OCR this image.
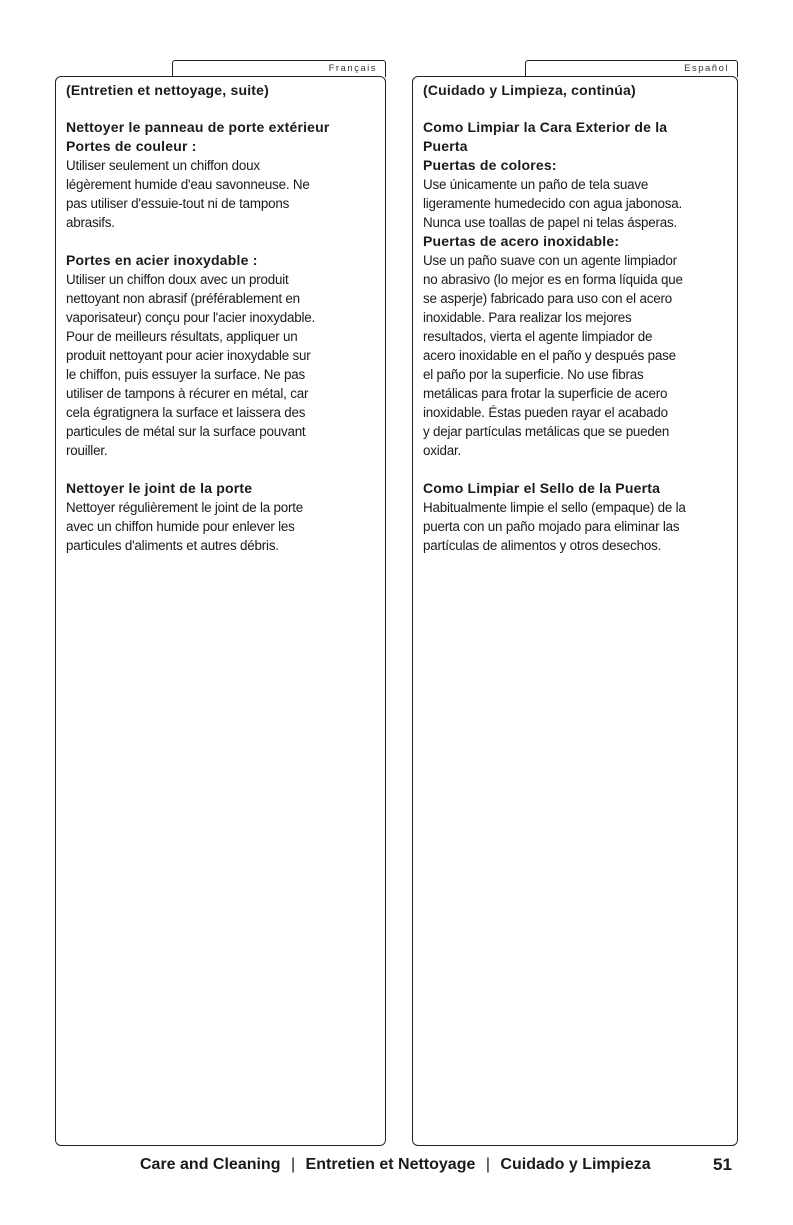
Français
(Entretien et nettoyage, suite)
Nettoyer le panneau de porte extérieur
Portes de couleur :
Utiliser seulement un chiffon doux
légèrement humide d'eau savonneuse. Ne
pas utiliser d'essuie-tout ni de tampons
abrasifs.
Portes en acier inoxydable :
Utiliser un chiffon doux avec un produit
nettoyant non abrasif (préférablement en
vaporisateur) conçu pour l'acier inoxydable.
Pour de meilleurs résultats, appliquer un
produit nettoyant pour acier inoxydable sur
le chiffon, puis essuyer la surface. Ne pas
utiliser de tampons à récurer en métal, car
cela égratignera la surface et laissera des
particules de métal sur la surface pouvant
rouiller.
Nettoyer le joint de la porte
Nettoyer régulièrement le joint de la porte
avec un chiffon humide pour enlever les
particules d'aliments et autres débris.
Español
(Cuidado y Limpieza, continúa)
Como Limpiar la Cara Exterior de la
Puerta
Puertas de colores:
Use únicamente un paño de tela suave
ligeramente humedecido con agua jabonosa.
Nunca use toallas de papel ni telas ásperas.
Puertas de acero inoxidable:
Use un paño suave con un agente limpiador
no abrasivo (lo mejor es en forma líquida que
se asperje) fabricado para uso con el acero
inoxidable. Para realizar los mejores
resultados, vierta el agente limpiador de
acero inoxidable en el paño y después pase
el paño por la superficie. No use fibras
metálicas para frotar la superficie de acero
inoxidable. Éstas pueden rayar el acabado
y dejar partículas metálicas que se pueden
oxidar.
Como Limpiar el Sello de la Puerta
Habitualmente limpie el sello (empaque) de la
puerta con un paño mojado para eliminar las
partículas de alimentos y otros desechos.
Care and Cleaning | Entretien et Nettoyage | Cuidado y Limpieza	51
